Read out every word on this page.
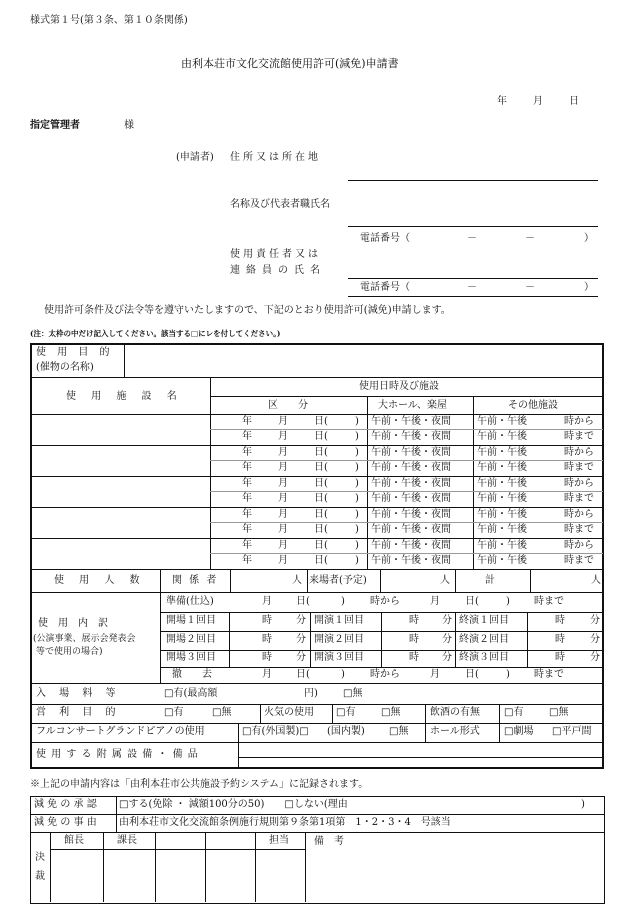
様式第１号(第３条、第１０条関係)
由利本荘市文化交流館使用許可(減免)申請書
年	月	日
指定管理者	様
(申請者) 住所又は所在地
名称及び代表者職氏名
電話番号（	－	－	）
使用責任者又は
連絡員の氏名
電話番号（	－	－	）
使用許可条件及び法令等を遵守いたしますので、下記のとおり使用許可(減免)申請します。
(注：太枠の中だけ記入してください。該当する□にレを付してください。)
使 用 目 的
(催物の名称)
使 用 施 設 名
使用日時及び施設
区　　分	大ホール、楽屋	その他施設
年	月	日(	) 午前・午後・夜間	午前・午後	時から
年	月	日(	) 午前・午後・夜間	午前・午後	時まで
年	月	日(	) 午前・午後・夜間	午前・午後	時から
年	月	日(	) 午前・午後・夜間	午前・午後	時まで
年	月	日(	) 午前・午後・夜間	午前・午後	時から
年	月	日(	) 午前・午後・夜間	午前・午後	時まで
年	月	日(	) 午前・午後・夜間	午前・午後	時から
年	月	日(	) 午前・午後・夜間	午前・午後	時まで
年	月	日(	) 午前・午後・夜間	午前・午後	時から
年	月	日(	) 午前・午後・夜間	午前・午後	時まで
使 用 人 数	関 係 者	人 来場者(予定)	人	計	人
使　用　内　訳
(公演事業、展示会発表会
等で使用の場合)
準備(仕込)	月 日(	)	時から	月	日(	) 時まで
開場１回目	時 分 開演１回目	時 分 終演１回目	時	分
開場２回目	時 分 開演２回目	時 分 終演２回目	時	分
開場３回目	時 分 開演３回目	時 分 終演３回目	時	分
撤　　去	月 日(	)	時から	月	日(	) 時まで
入 場 料 等	□有(最高額	円)	□無
営 利 目 的	□有	□無	火気の使用 □有	□無	飲酒の有無 □有	□無
フルコンサートグランドピアノの使用	□有(外国製)□ (国内製) □無 ホール形式 □劇場 □平戸間
使 用 す る 附 属 設 備 ・ 備 品
※上記の申請内容は「由利本荘市公共施設予約システム」に記録されます。
減 免 の 承 認 □する(免除 ・ 減額100分の50)　　□しない(理由	)
減 免 の 事 由 由利本荘市文化交流館条例施行規則第９条第1項第　1・2・3・4　号該当
館長	課長	担当	備　考
決
裁
